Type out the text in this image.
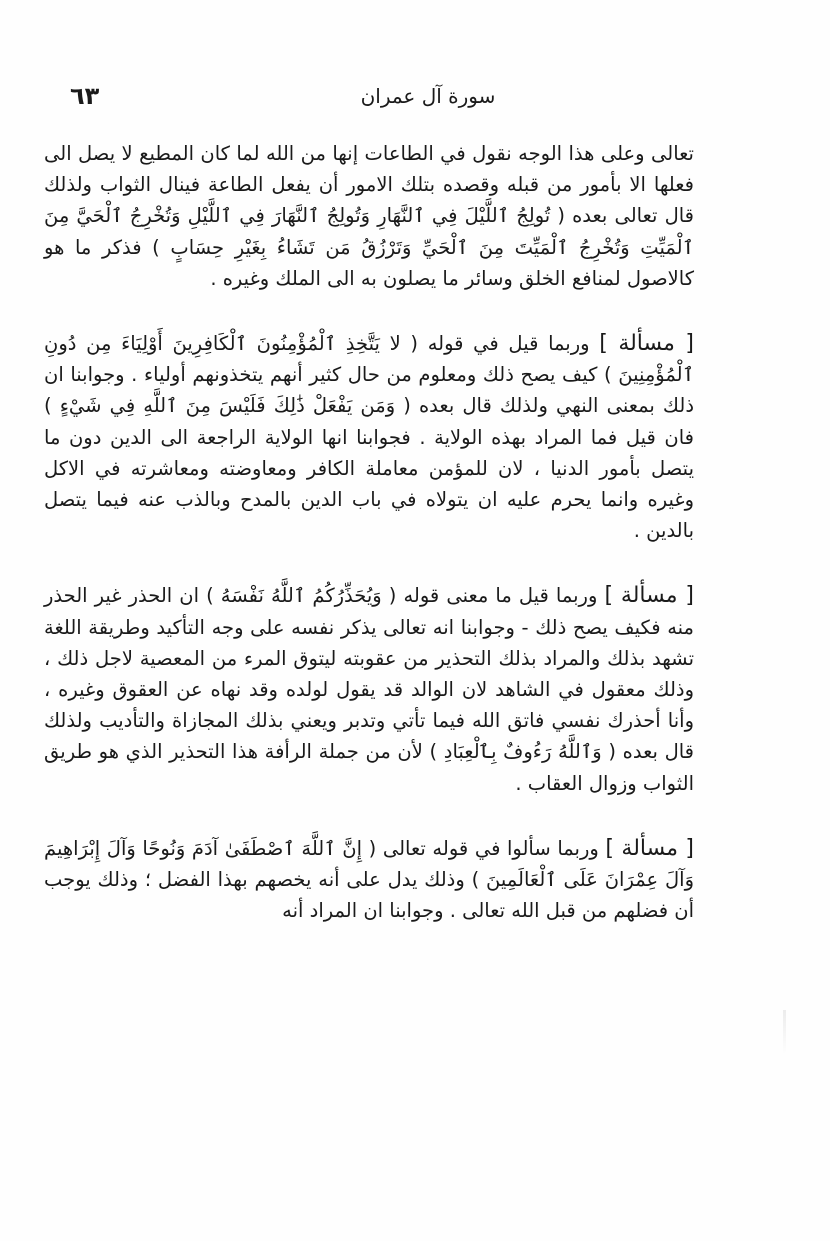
سورة آل عمران
٦٣

تعالى وعلى هذا الوجه نقول في الطاعات إنها من الله لما كان المطيع لا يصل الى فعلها الا بأمور من قبله وقصده بتلك الامور أن يفعل الطاعة فينال الثواب ولذلك قال تعالى بعده ( تُولِجُ ٱللَّيْلَ فِي ٱلنَّهَارِ وَتُولِجُ ٱلنَّهَارَ فِي ٱللَّيْلِ وَتُخْرِجُ ٱلْحَيَّ مِنَ ٱلْمَيِّتِ وَتُخْرِجُ ٱلْمَيِّتَ مِنَ ٱلْحَيِّ وَتَرْزُقُ مَن تَشَاءُ بِغَيْرِ حِسَابٍ ) فذكر ما هو كالاصول لمنافع الخلق وسائر ما يصلون به الى الملك وغيره .

[ مسألة ] وربما قيل في قوله ( لا يَتَّخِذِ ٱلْمُؤْمِنُونَ ٱلْكَافِرِينَ أَوْلِيَاءَ مِن دُونِ ٱلْمُؤْمِنِينَ ) كيف يصح ذلك ومعلوم من حال كثير أنهم يتخذونهم أولياء . وجوابنا ان ذلك بمعنى النهي ولذلك قال بعده ( وَمَن يَفْعَلْ ذَٰلِكَ فَلَيْسَ مِنَ ٱللَّهِ فِي شَيْءٍ ) فان قيل فما المراد بهذه الولاية . فجوابنا انها الولاية الراجعة الى الدين دون ما يتصل بأمور الدنيا ، لان للمؤمن معاملة الكافر ومعاوضته ومعاشرته في الاكل وغيره وانما يحرم عليه ان يتولاه في باب الدين بالمدح وبالذب عنه فيما يتصل بالدين .

[ مسألة ] وربما قيل ما معنى قوله ( وَيُحَذِّرُكُمُ ٱللَّهُ نَفْسَهُ ) ان الحذر غير الحذر منه فكيف يصح ذلك - وجوابنا انه تعالى يذكر نفسه على وجه التأكيد وطريقة اللغة تشهد بذلك والمراد بذلك التحذير من عقوبته ليتوق المرء من المعصية لاجل ذلك ، وذلك معقول في الشاهد لان الوالد قد يقول لولده وقد نهاه عن العقوق وغيره ، وأنا أحذرك نفسي فاتق الله فيما تأتي وتدبر ويعني بذلك المجازاة والتأديب ولذلك قال بعده ( وَٱللَّهُ رَءُوفٌ بِٱلْعِبَادِ ) لأن من جملة الرأفة هذا التحذير الذي هو طريق الثواب وزوال العقاب .

[ مسألة ] وربما سألوا في قوله تعالى ( إِنَّ ٱللَّهَ ٱصْطَفَىٰ آدَمَ وَنُوحًا وَآلَ إِبْرَاهِيمَ وَآلَ عِمْرَانَ عَلَى ٱلْعَالَمِينَ ) وذلك يدل على أنه يخصهم بهذا الفضل ؛ وذلك يوجب أن فضلهم من قبل الله تعالى . وجوابنا ان المراد أنه
